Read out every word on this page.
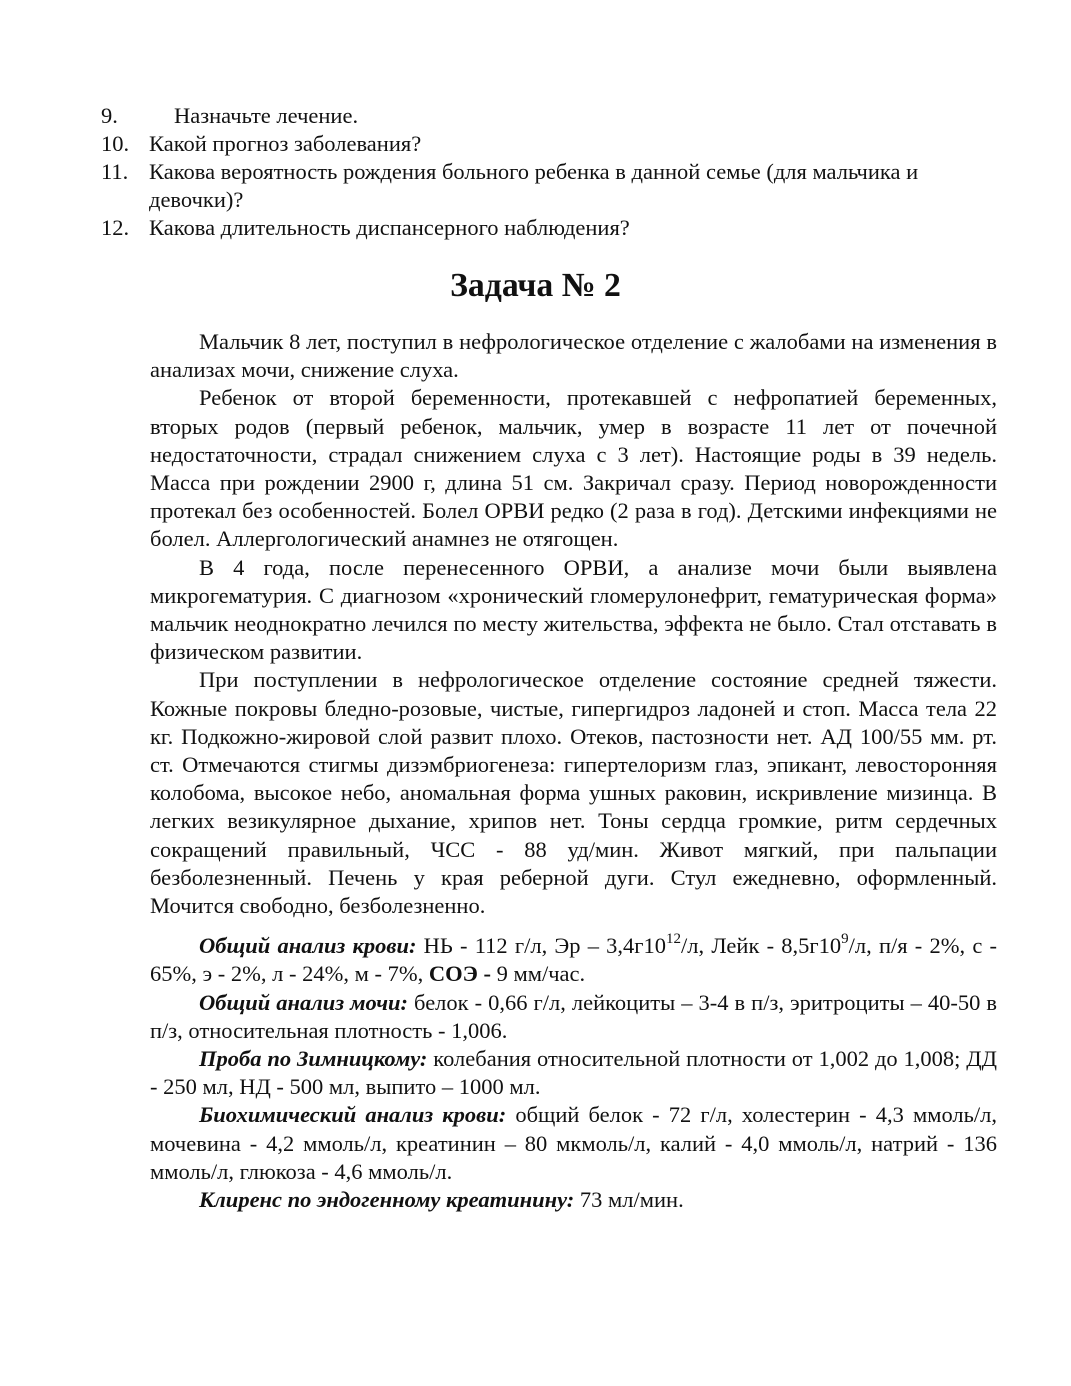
9.	Назначьте лечение.
10. Какой прогноз заболевания?
11. Какова вероятность рождения больного ребенка в данной семье (для мальчика и девочки)?
12. Какова длительность диспансерного наблюдения?
Задача № 2

Мальчик 8 лет, поступил в нефрологическое отделение с жалобами на изменения в анализах мочи, снижение слуха.

Ребенок от второй беременности, протекавшей с нефропатией беременных, вторых родов (первый ребенок, мальчик, умер в возрасте 11 лет от почечной недостаточности, страдал снижением слуха с 3 лет). Настоящие роды в 39 недель. Масса при рождении 2900 г, длина 51 см. Закричал сразу. Период новорожденности протекал без особенностей. Болел ОРВИ редко (2 раза в год). Детскими инфекциями не болел. Аллергологический анамнез не отягощен.

В 4 года, после перенесенного ОРВИ, а анализе мочи были выявлена микрогематурия. С диагнозом «хронический гломерулонефрит, гематурическая форма» мальчик неоднократно лечился по месту жительства, эффекта не было. Стал отставать в физическом развитии.

При поступлении в нефрологическое отделение состояние средней тяжести. Кожные покровы бледно-розовые, чистые, гипергидроз ладоней и стоп. Масса тела 22 кг. Подкожно-жировой слой развит плохо. Отеков, пастозности нет. АД 100/55 мм. рт. ст. Отмечаются стигмы дизэмбриогенеза: гипертелоризм глаз, эпикант, левосторонняя колобома, высокое небо, аномальная форма ушных раковин, искривление мизинца. В легких везикулярное дыхание, хрипов нет. Тоны сердца громкие, ритм сердечных сокращений правильный, ЧСС - 88 уд/мин. Живот мягкий, при пальпации безболезненный. Печень у края реберной дуги. Стул ежедневно, оформленный. Мочится свободно, безболезненно.

Общий анализ крови: НЬ - 112 г/л, Эр – $3,4г10^{12}/л$, Лейк - $8,5г10^9/л$, п/я - 2%, с - 65%, э - 2%, л - 24%, м - 7%, СОЭ - 9 мм/час.

Общий анализ мочи: белок - 0,66 г/л, лейкоциты – 3-4 в п/з, эритроциты – 40-50 в п/з, относительная плотность - 1,006.

Проба по Зимницкому: колебания относительной плотности от 1,002 до 1,008; ДД - 250 мл, НД - 500 мл, выпито – 1000 мл.

Биохимический анализ крови: общий белок - 72 г/л, холестерин - 4,3 ммоль/л, мочевина - 4,2 ммоль/л, креатинин – 80 мкмоль/л, калий - 4,0 ммоль/л, натрий - 136 ммоль/л, глюкоза - 4,6 ммоль/л.

Клиренс по эндогенному креатинину: 73 мл/мин.
